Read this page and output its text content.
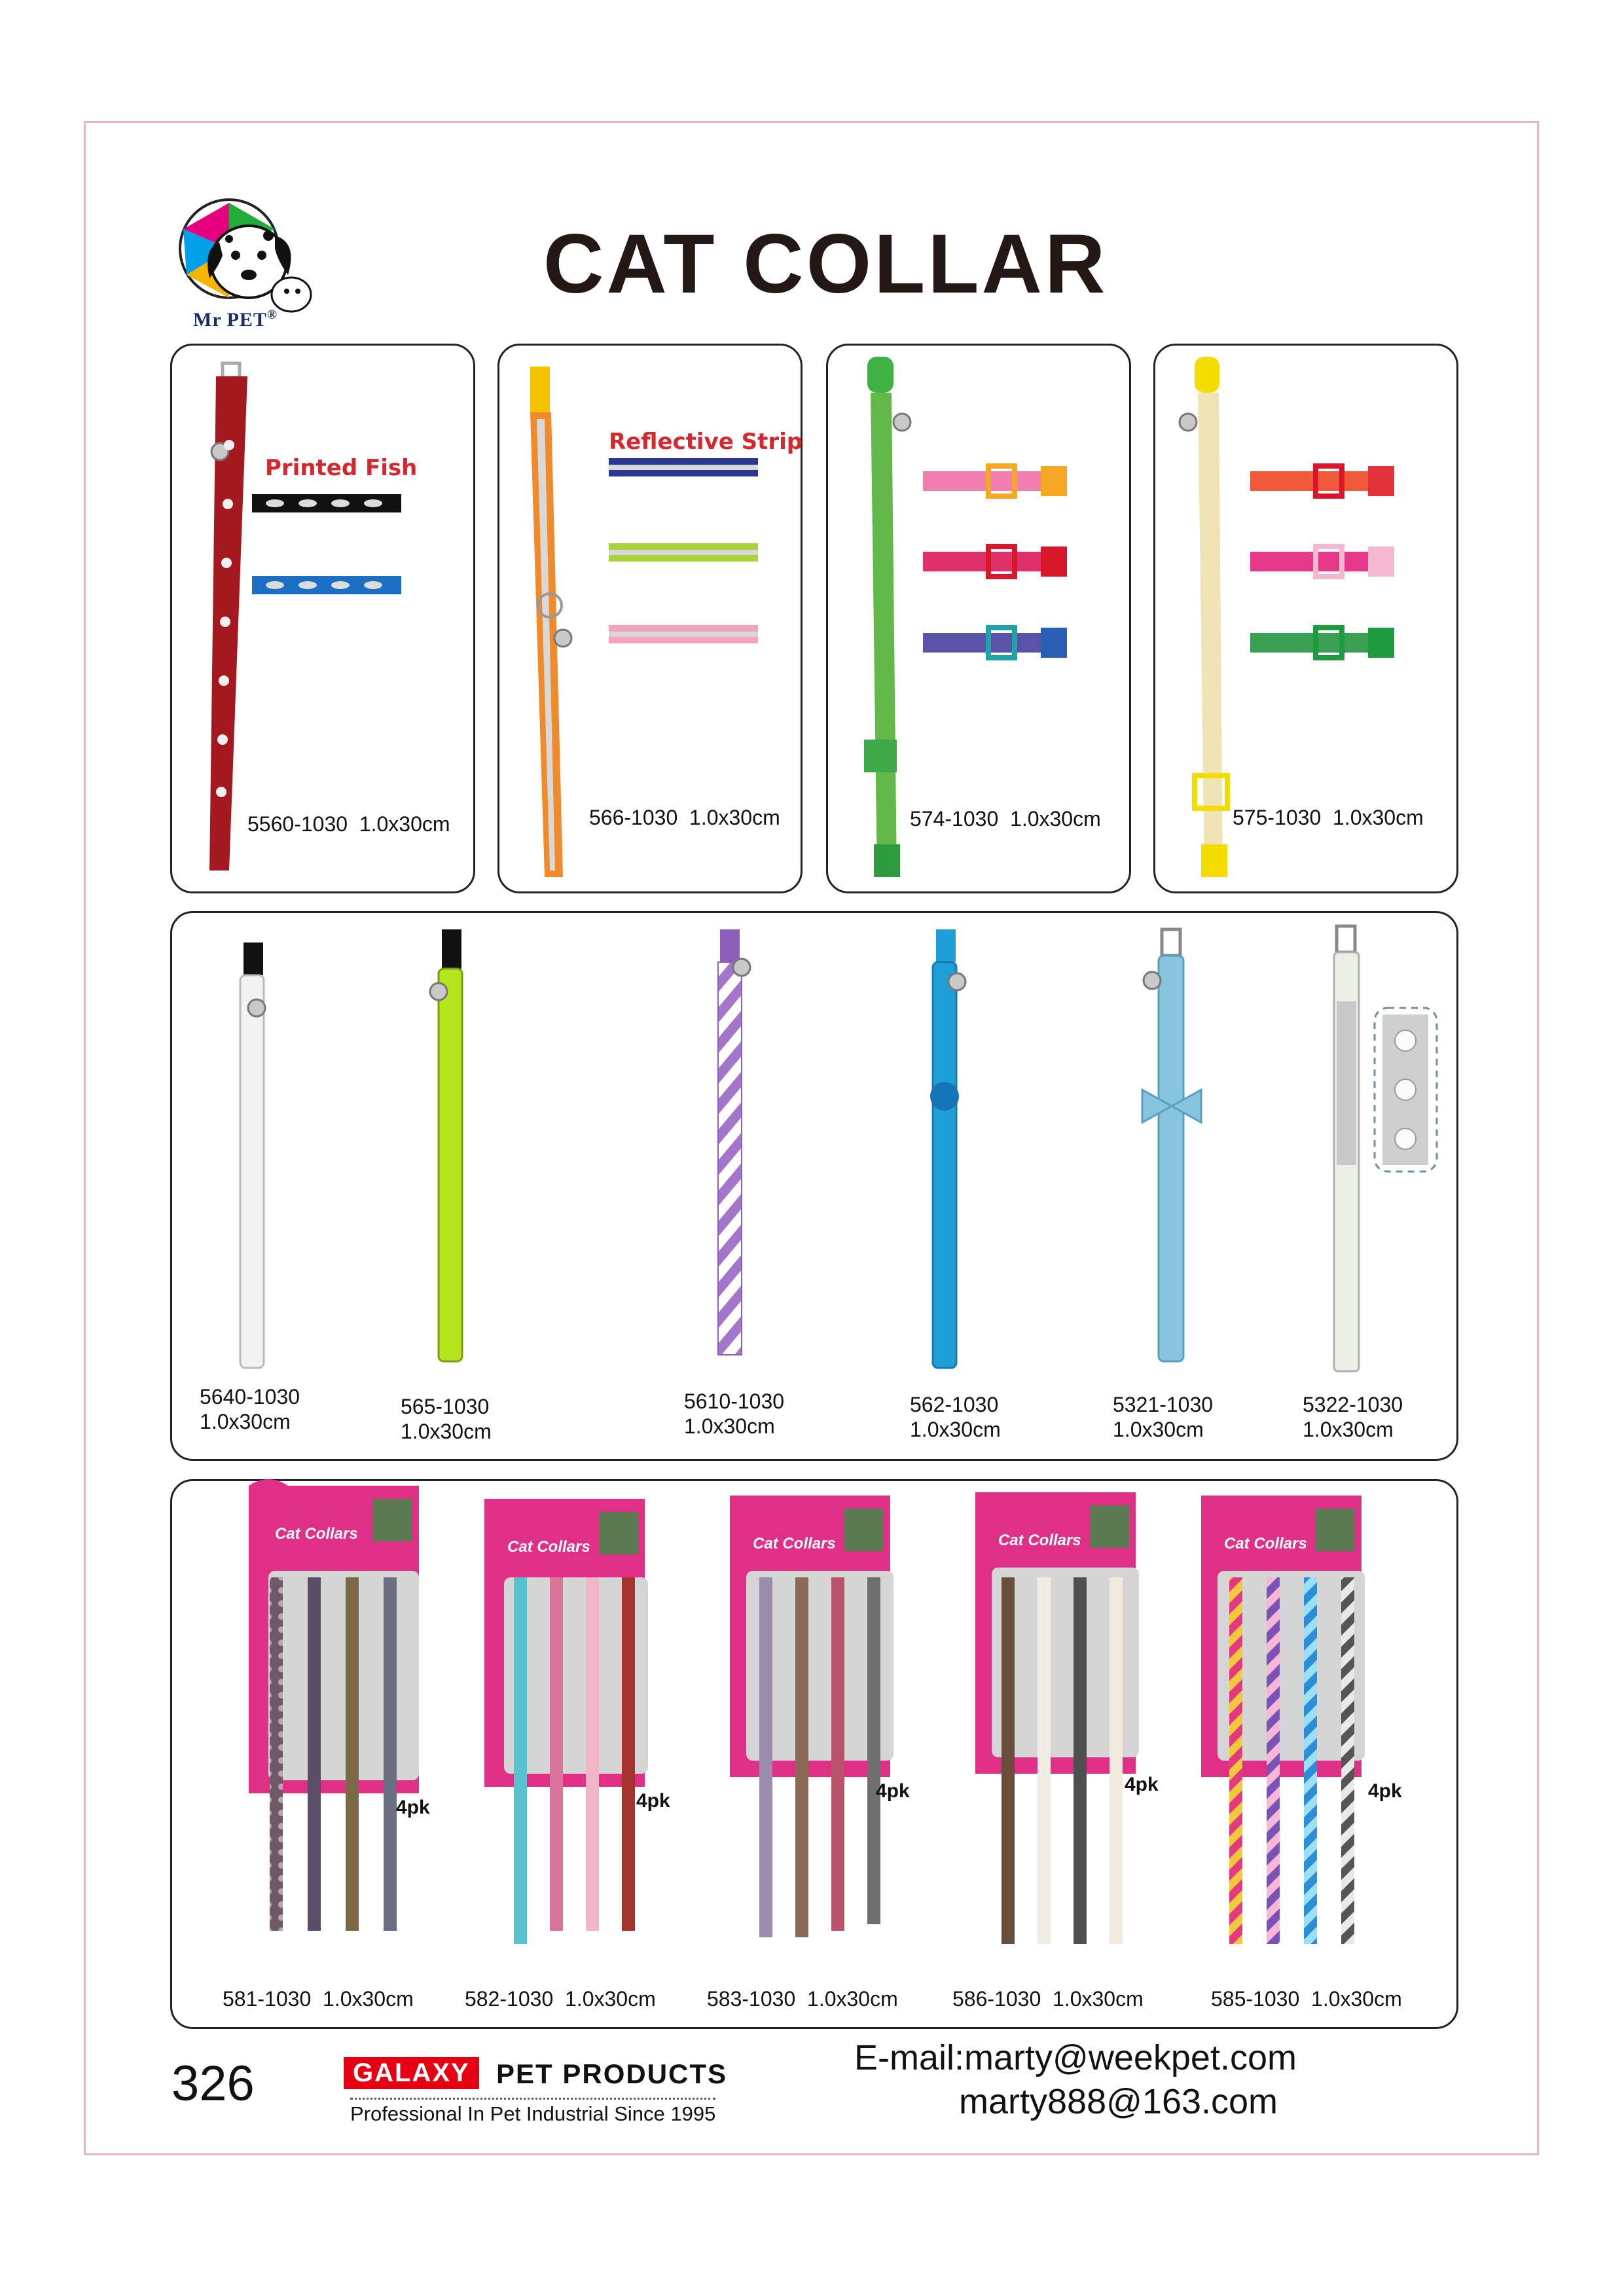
Mr PET®
CAT COLLAR
Printed Fish
Reflective Strip
5560-1030 1.0x30cm	566-1030 1.0x30cm	574-1030 1.0x30cm	575-1030 1.0x30cm
5640-1030
1.0x30cm
565-1030
1.0x30cm
5610-1030
1.0x30cm
562-1030
1.0x30cm
5321-1030
1.0x30cm
5322-1030
1.0x30cm
Cat Collars
Cat Collars	Cat Collars	Cat Collars	Cat Collars
4pk	4pk	4pk	4pk	4pk
581-1030 1.0x30cm 582-1030 1.0x30cm 583-1030 1.0x30cm	586-1030 1.0x30cm	585-1030 1.0x30cm
326	GALAXY PET PRODUCTS
Professional In Pet Industrial Since 1995
E-mail:marty@weekpet.com
marty888@163.com
